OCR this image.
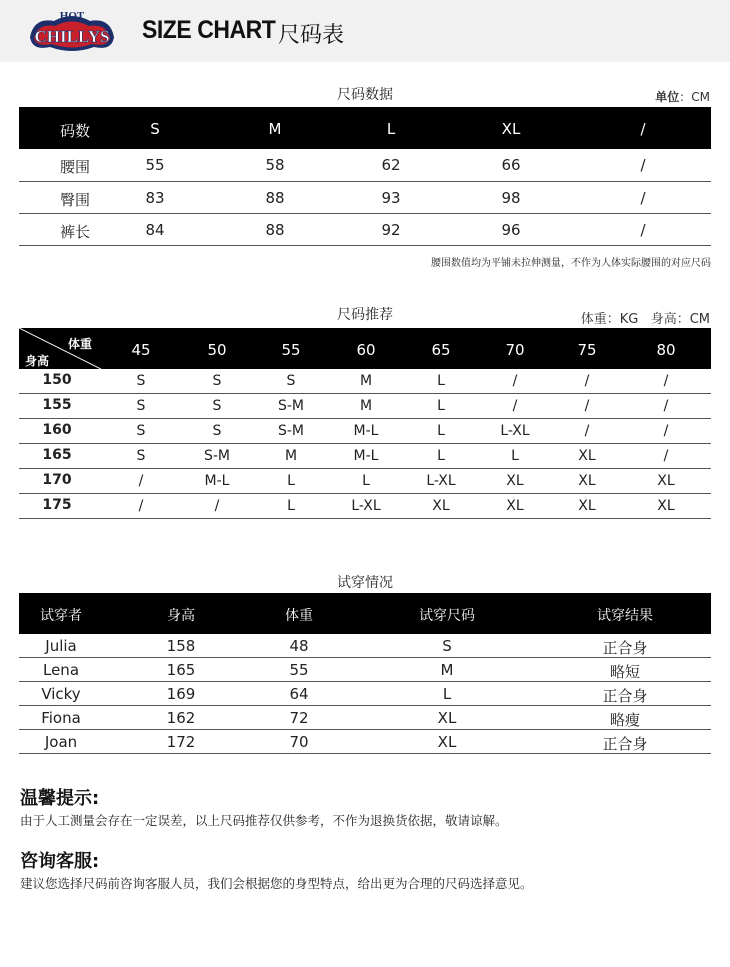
HOT
CHILLYS SIZE CHART 尺码表
尺码数据	单位：CM
码数	S	M	L	XL	/
腰围	55	58	62	66	/
臀围	83	88	93	98	/
裤长	84	88	92	96	/
腰围数值均为平铺未拉伸测量，不作为人体实际腰围的对应尺码
尺码推荐	体重：KG 身高：CM
体重
身高
45	50	55	60	65	70	75	80
150	S	S	S	M	L	/	/	/
155	S	S	S-M	M	L	/	/	/
160	S	S	S-M	M-L	L	L-XL	/	/
165	S	S-M	M	M-L	L	L	XL	/
170	/	M-L	L	L	L-XL	XL	XL	XL
175	/	/	L	L-XL	XL	XL	XL	XL
试穿情况
试穿者	身高	体重	试穿尺码	试穿结果
Julia	158	48	S	正合身
Lena	165	55	M	略短
Vicky	169	64	L	正合身
Fiona	162	72	XL	略瘦
Joan	172	70	XL	正合身
温馨提示:
由于人工测量会存在一定误差，以上尺码推荐仅供参考，不作为退换货依据，敬请谅解。
咨询客服:
建议您选择尺码前咨询客服人员，我们会根据您的身型特点，给出更为合理的尺码选择意见。
